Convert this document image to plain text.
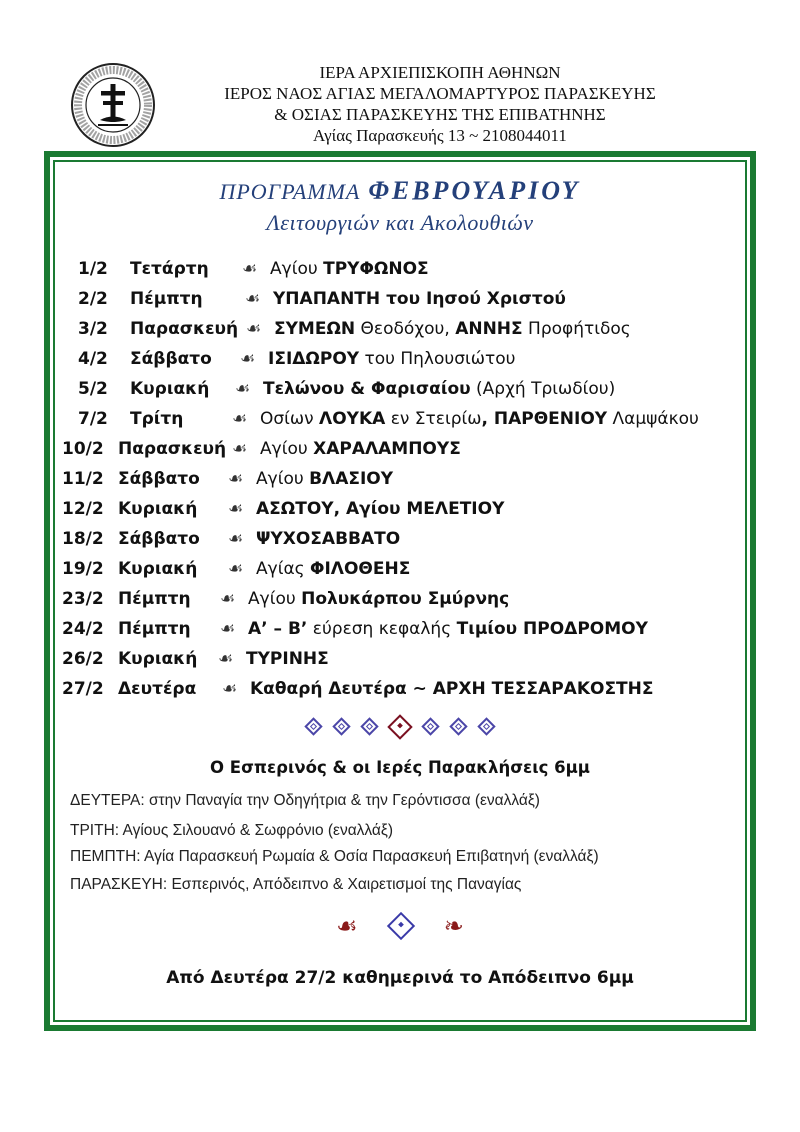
ΙΕΡΑ ΑΡΧΙΕΠΙΣΚΟΠΗ ΑΘΗΝΩΝ
ΙΕΡΟΣ ΝΑΟΣ ΑΓΙΑΣ ΜΕΓΑΛΟΜΑΡΤΥΡΟΣ ΠΑΡΑΣΚΕΥΗΣ
& ΟΣΙΑΣ ΠΑΡΑΣΚΕΥΗΣ ΤΗΣ ΕΠΙΒΑΤΗΝΗΣ
Αγίας Παρασκευής 13 ~ 2108044011
ΠΡΟΓΡΑΜΜΑ ΦΕΒΡΟΥΑΡΙΟΥ
Λειτουργιών και Ακολουθιών
1/2 Τετάρτη ☙ Αγίου ΤΡΥΦΩΝΟΣ
2/2 Πέμπτη ☙ ΥΠΑΠΑΝΤΗ του Ιησού Χριστού
3/2 Παρασκευή ☙ ΣΥΜΕΩΝ Θεοδόχου, ΑΝΝΗΣ Προφήτιδος
4/2 Σάββατο ☙ ΙΣΙΔΩΡΟΥ του Πηλουσιώτου
5/2 Κυριακή ☙ Τελώνου & Φαρισαίου (Αρχή Τριωδίου)
7/2 Τρίτη	☙ Οσίων ΛΟΥΚΑ εν Στειρίω, ΠΑΡΘΕΝΙΟΥ Λαμψάκου
10/2 Παρασκευή ☙ Αγίου ΧΑΡΑΛΑΜΠΟΥΣ
11/2 Σάββατο ☙ Αγίου ΒΛΑΣΙΟΥ
12/2 Κυριακή ☙ ΑΣΩΤΟΥ, Αγίου ΜΕΛΕΤΙΟΥ
18/2 Σάββατο ☙ ΨΥΧΟΣΑΒΒΑΤΟ
19/2 Κυριακή ☙ Αγίας ΦΙΛΟΘΕΗΣ
23/2 Πέμπτη ☙ Αγίου Πολυκάρπου Σμύρνης
24/2 Πέμπτη ☙ Α’ – Β’ εύρεση κεφαλής Τιμίου ΠΡΟΔΡΟΜΟΥ
26/2 Κυριακή ☙ ΤΥΡΙΝΗΣ
27/2 Δευτέρα ☙ Καθαρή Δευτέρα ~ ΑΡΧΗ ΤΕΣΣΑΡΑΚΟΣΤΗΣ

Ο Εσπερινός & οι Ιερές Παρακλήσεις 6μμ
ΔΕΥΤΕΡΑ: στην Παναγία την Οδηγήτρια & την Γερόντισσα (εναλλάξ)
ΤΡΙΤΗ: Αγίους Σιλουανό & Σωφρόνιο (εναλλάξ)
ΠΕΜΠΤΗ: Αγία Παρασκευή Ρωμαία & Οσία Παρασκευή Επιβατηνή (εναλλάξ)
ΠΑΡΑΣΚΕΥΗ: Εσπερινός, Απόδειπνο & Χαιρετισμοί της Παναγίας
☙	❧
Από Δευτέρα 27/2 καθημερινά το Απόδειπνο 6μμ
